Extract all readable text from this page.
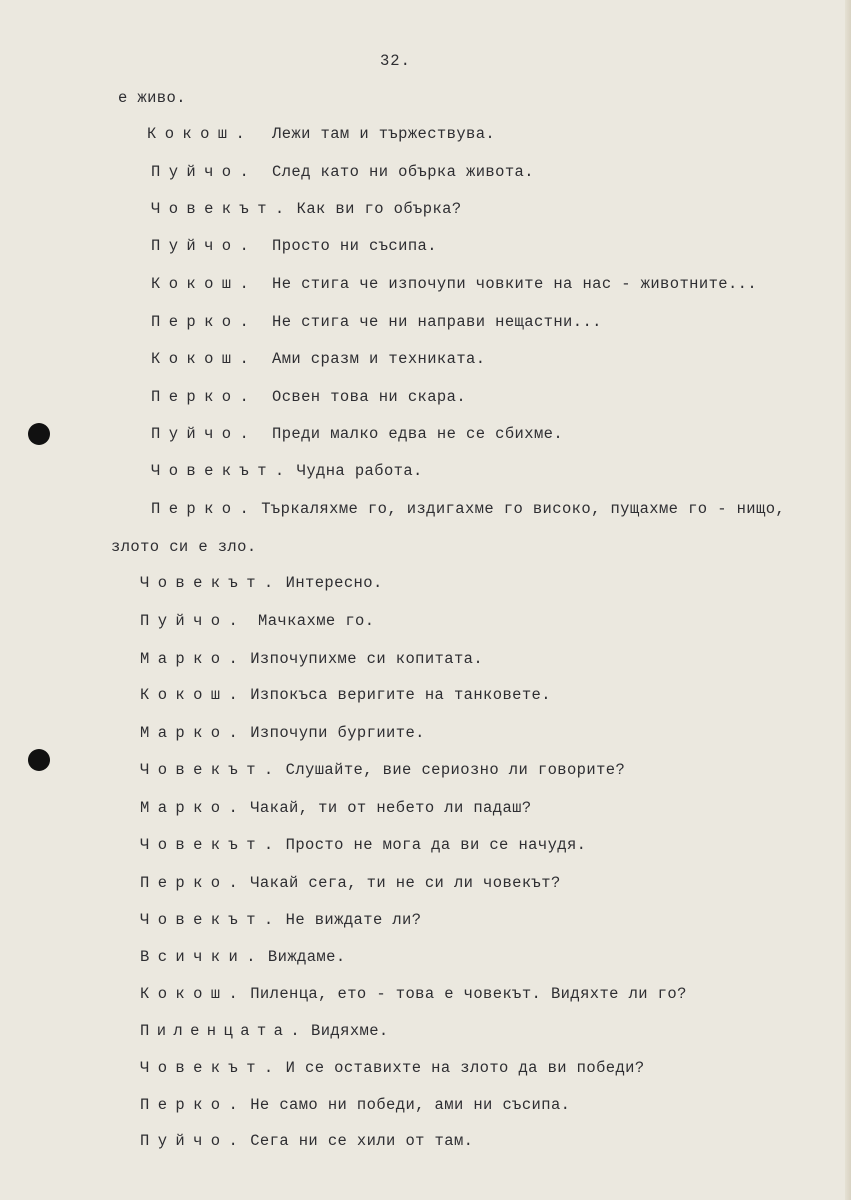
32.
е живо.
Кокош. Лежи там и тържествува.
Пуйчо. След като ни обърка живота.
Човекът. Как ви го обърка?
Пуйчо. Просто ни съсипа.
Кокош. Не стига че изпочупи човките на нас - животните...
Перко. Не стига че ни направи нещастни...
Кокош. Ами сразм и техниката.
Перко. Освен това ни скара.
Пуйчо. Преди малко едва не се сбихме.
Човекът. Чудна работа.
Перко. Търкаляхме го, издигахме го високо, пущахме го - нищо,
злото си е зло.
Човекът. Интересно.
Пуйчо. Мачкахме го.
Марко. Изпочупихме си копитата.
Кокош. Изпокъса веригите на танковете.
Марко. Изпочупи бургиите.
Човекът. Слушайте, вие сериозно ли говорите?
Марко. Чакай, ти от небето ли падаш?
Човекът. Просто не мога да ви се начудя.
Перко. Чакай сега, ти не си ли човекът?
Човекът. Не виждате ли?
Всички. Виждаме.
Кокош. Пиленца, ето - това е човекът. Видяхте ли го?
Пиленцата. Видяхме.
Човекът. И се оставихте на злото да ви победи?
Перко. Не само ни победи, ами ни съсипа.
Пуйчо. Сега ни се хили от там.
